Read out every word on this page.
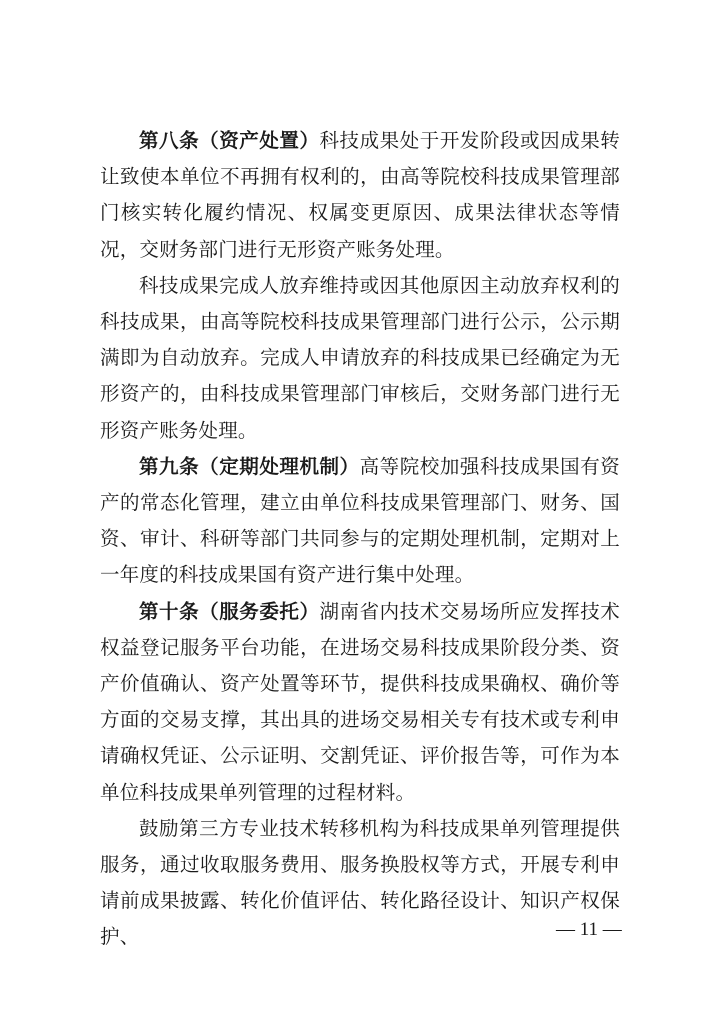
第八条（资产处置）科技成果处于开发阶段或因成果转让致使本单位不再拥有权利的，由高等院校科技成果管理部门核实转化履约情况、权属变更原因、成果法律状态等情况，交财务部门进行无形资产账务处理。

科技成果完成人放弃维持或因其他原因主动放弃权利的科技成果，由高等院校科技成果管理部门进行公示，公示期满即为自动放弃。完成人申请放弃的科技成果已经确定为无形资产的，由科技成果管理部门审核后，交财务部门进行无形资产账务处理。

第九条（定期处理机制）高等院校加强科技成果国有资产的常态化管理，建立由单位科技成果管理部门、财务、国资、审计、科研等部门共同参与的定期处理机制，定期对上一年度的科技成果国有资产进行集中处理。

第十条（服务委托）湖南省内技术交易场所应发挥技术权益登记服务平台功能，在进场交易科技成果阶段分类、资产价值确认、资产处置等环节，提供科技成果确权、确价等方面的交易支撑，其出具的进场交易相关专有技术或专利申请确权凭证、公示证明、交割凭证、评价报告等，可作为本单位科技成果单列管理的过程材料。

鼓励第三方专业技术转移机构为科技成果单列管理提供服务，通过收取服务费用、服务换股权等方式，开展专利申请前成果披露、转化价值评估、转化路径设计、知识产权保护、	— 11 —
